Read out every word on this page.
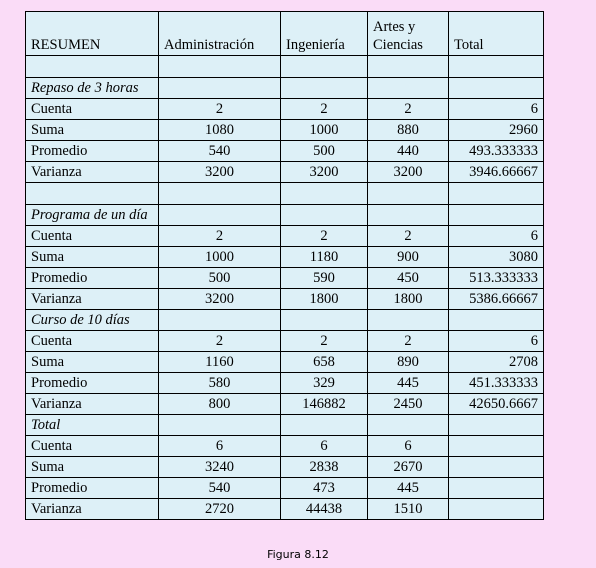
RESUMEN	Administración	Ingeniería	Artes y Ciencias	Total

Repaso de 3 horas				
Cuenta	2	2	2	6
Suma	1080	1000	880	2960
Promedio	540	500	440	493.333333
Varianza	3200	3200	3200	3946.66667

Programa de un día				
Cuenta	2	2	2	6
Suma	1000	1180	900	3080
Promedio	500	590	450	513.333333
Varianza	3200	1800	1800	5386.66667
Curso de 10 días				
Cuenta	2	2	2	6
Suma	1160	658	890	2708
Promedio	580	329	445	451.333333
Varianza	800	146882	2450	42650.6667
Total				
Cuenta	6	6	6	
Suma	3240	2838	2670	
Promedio	540	473	445	
Varianza	2720	44438	1510	
Figura 8.12
